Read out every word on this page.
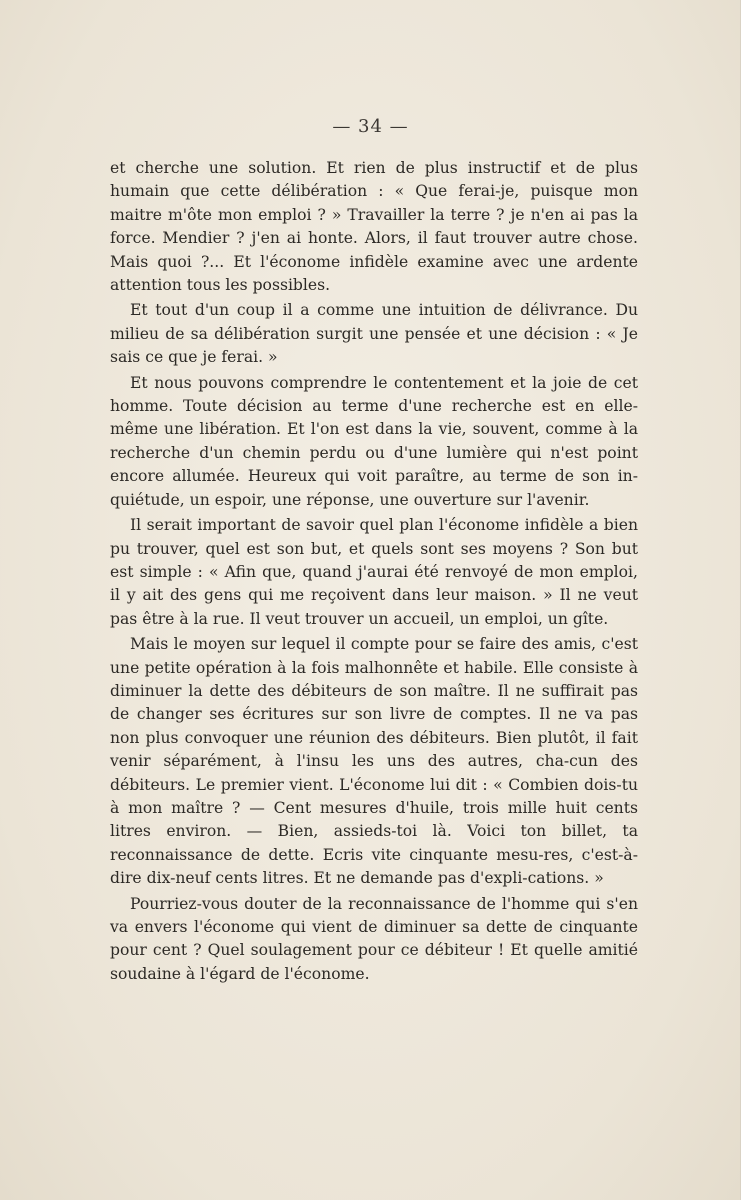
— 34 —

et cherche une solution. Et rien de plus instructif et de plus humain que cette délibération : « Que ferai-je, puisque mon maitre m'ôte mon emploi ? » Travailler la terre ? je n'en ai pas la force. Mendier ? j'en ai honte. Alors, il faut trouver autre chose. Mais quoi ?... Et l'économe infidèle examine avec une ardente attention tous les possibles.

Et tout d'un coup il a comme une intuition de délivrance. Du milieu de sa délibération surgit une pensée et une décision : « Je sais ce que je ferai. »

Et nous pouvons comprendre le contentement et la joie de cet homme. Toute décision au terme d'une recherche est en elle-même une libération. Et l'on est dans la vie, souvent, comme à la recherche d'un chemin perdu ou d'une lumière qui n'est point encore allumée. Heureux qui voit paraître, au terme de son in-quiétude, un espoir, une réponse, une ouverture sur l'avenir.

Il serait important de savoir quel plan l'économe infidèle a bien pu trouver, quel est son but, et quels sont ses moyens ? Son but est simple : « Afin que, quand j'aurai été renvoyé de mon emploi, il y ait des gens qui me reçoivent dans leur maison. » Il ne veut pas être à la rue. Il veut trouver un accueil, un emploi, un gîte.

Mais le moyen sur lequel il compte pour se faire des amis, c'est une petite opération à la fois malhonnête et habile. Elle consiste à diminuer la dette des débiteurs de son maître. Il ne suffirait pas de changer ses écritures sur son livre de comptes. Il ne va pas non plus convoquer une réunion des débiteurs. Bien plutôt, il fait venir séparément, à l'insu les uns des autres, cha-cun des débiteurs. Le premier vient. L'économe lui dit : « Combien dois-tu à mon maître ? — Cent mesures d'huile, trois mille huit cents litres environ. — Bien, assieds-toi là. Voici ton billet, ta reconnaissance de dette. Ecris vite cinquante mesu-res, c'est-à-dire dix-neuf cents litres. Et ne demande pas d'expli-cations. »

Pourriez-vous douter de la reconnaissance de l'homme qui s'en va envers l'économe qui vient de diminuer sa dette de cinquante pour cent ? Quel soulagement pour ce débiteur ! Et quelle amitié soudaine à l'égard de l'économe.
